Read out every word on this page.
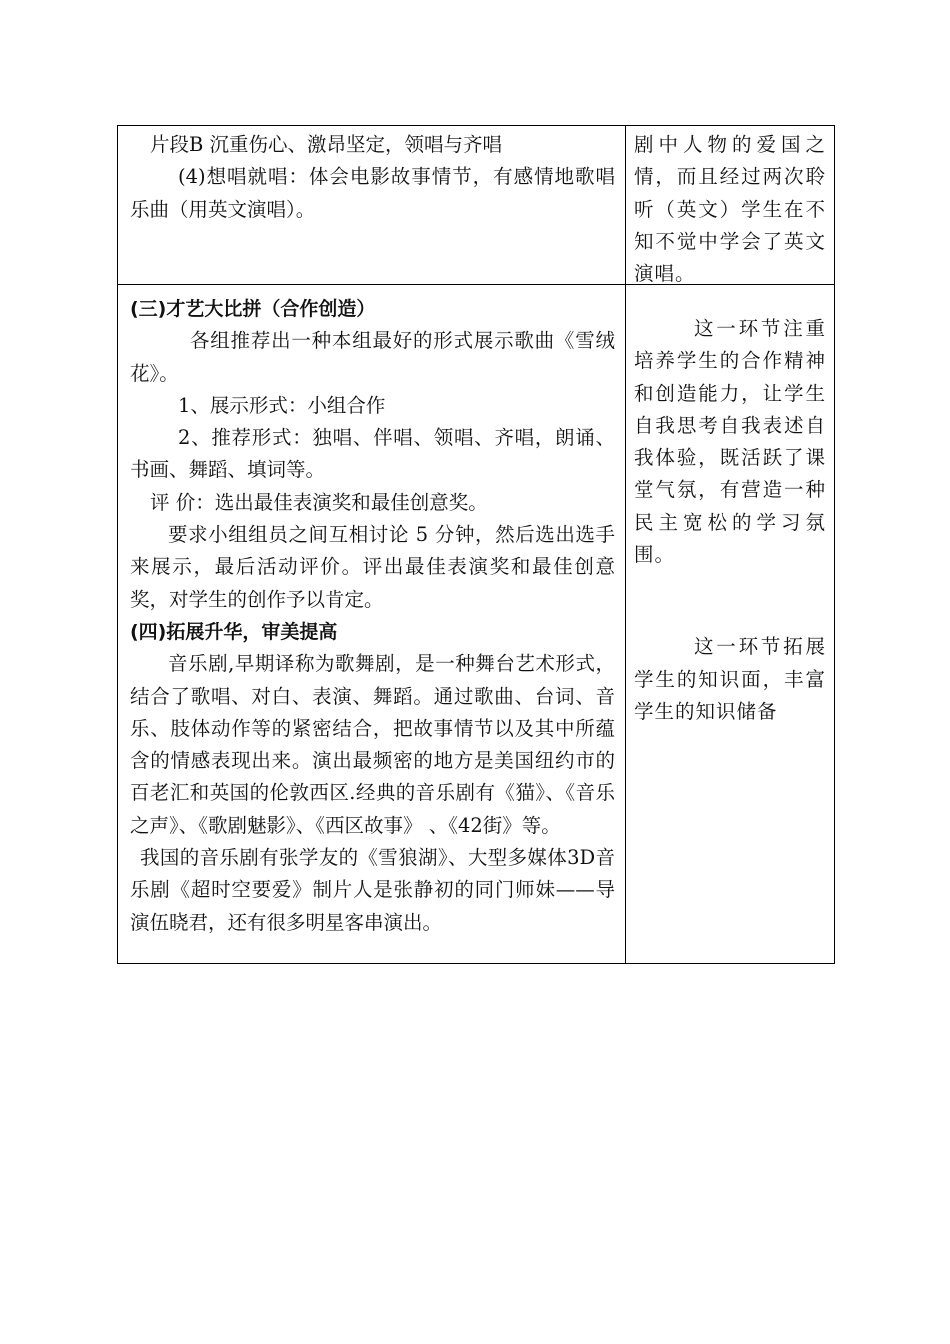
片段B 沉重伤心、激昂坚定，领唱与齐唱

(4)想唱就唱：体会电影故事情节，有感情地歌唱乐曲（用英文演唱）。

剧中人物的爱国之情，而且经过两次聆听（英文）学生在不知不觉中学会了英文演唱。

(三)才艺大比拼（合作创造）

各组推荐出一种本组最好的形式展示歌曲《雪绒花》。

1、展示形式：小组合作

2、推荐形式：独唱、伴唱、领唱、齐唱，朗诵、书画、舞蹈、填词等。

评 价：选出最佳表演奖和最佳创意奖。

要求小组组员之间互相讨论 5 分钟，然后选出选手来展示，最后活动评价。评出最佳表演奖和最佳创意奖，对学生的创作予以肯定。

(四)拓展升华，审美提高

音乐剧,早期译称为歌舞剧，是一种舞台艺术形式，结合了歌唱、对白、表演、舞蹈。通过歌曲、台词、音乐、肢体动作等的紧密结合，把故事情节以及其中所蕴含的情感表现出来。演出最频密的地方是美国纽约市的百老汇和英国的伦敦西区.经典的音乐剧有《猫》、《音乐之声》、《歌剧魅影》、《西区故事》 、《42街》等。

我国的音乐剧有张学友的《雪狼湖》、大型多媒体3D音乐剧《超时空要爱》制片人是张静初的同门师妹——导演伍晓君，还有很多明星客串演出。

这一环节注重培养学生的合作精神和创造能力，让学生自我思考自我表述自我体验，既活跃了课堂气氛，有营造一种民主宽松的学习氛围。

这一环节拓展学生的知识面，丰富学生的知识储备
